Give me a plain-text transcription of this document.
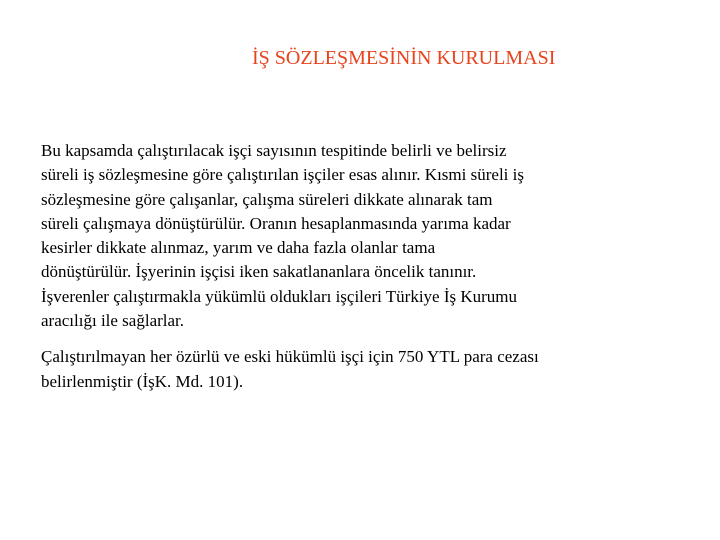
İŞ SÖZLEŞMESİNİN KURULMASI

Bu kapsamda çalıştırılacak işçi sayısının tespitinde belirli ve belirsiz
süreli iş sözleşmesine göre çalıştırılan işçiler esas alınır. Kısmi süreli iş
sözleşmesine göre çalışanlar, çalışma süreleri dikkate alınarak tam
süreli çalışmaya dönüştürülür. Oranın hesaplanmasında yarıma kadar
kesirler dikkate alınmaz, yarım ve daha fazla olanlar tama
dönüştürülür. İşyerinin işçisi iken sakatlananlara öncelik tanınır.
İşverenler çalıştırmakla yükümlü oldukları işçileri Türkiye İş Kurumu
aracılığı ile sağlarlar.

Çalıştırılmayan her özürlü ve eski hükümlü işçi için 750 YTL para cezası
belirlenmiştir (İşK. Md. 101).
